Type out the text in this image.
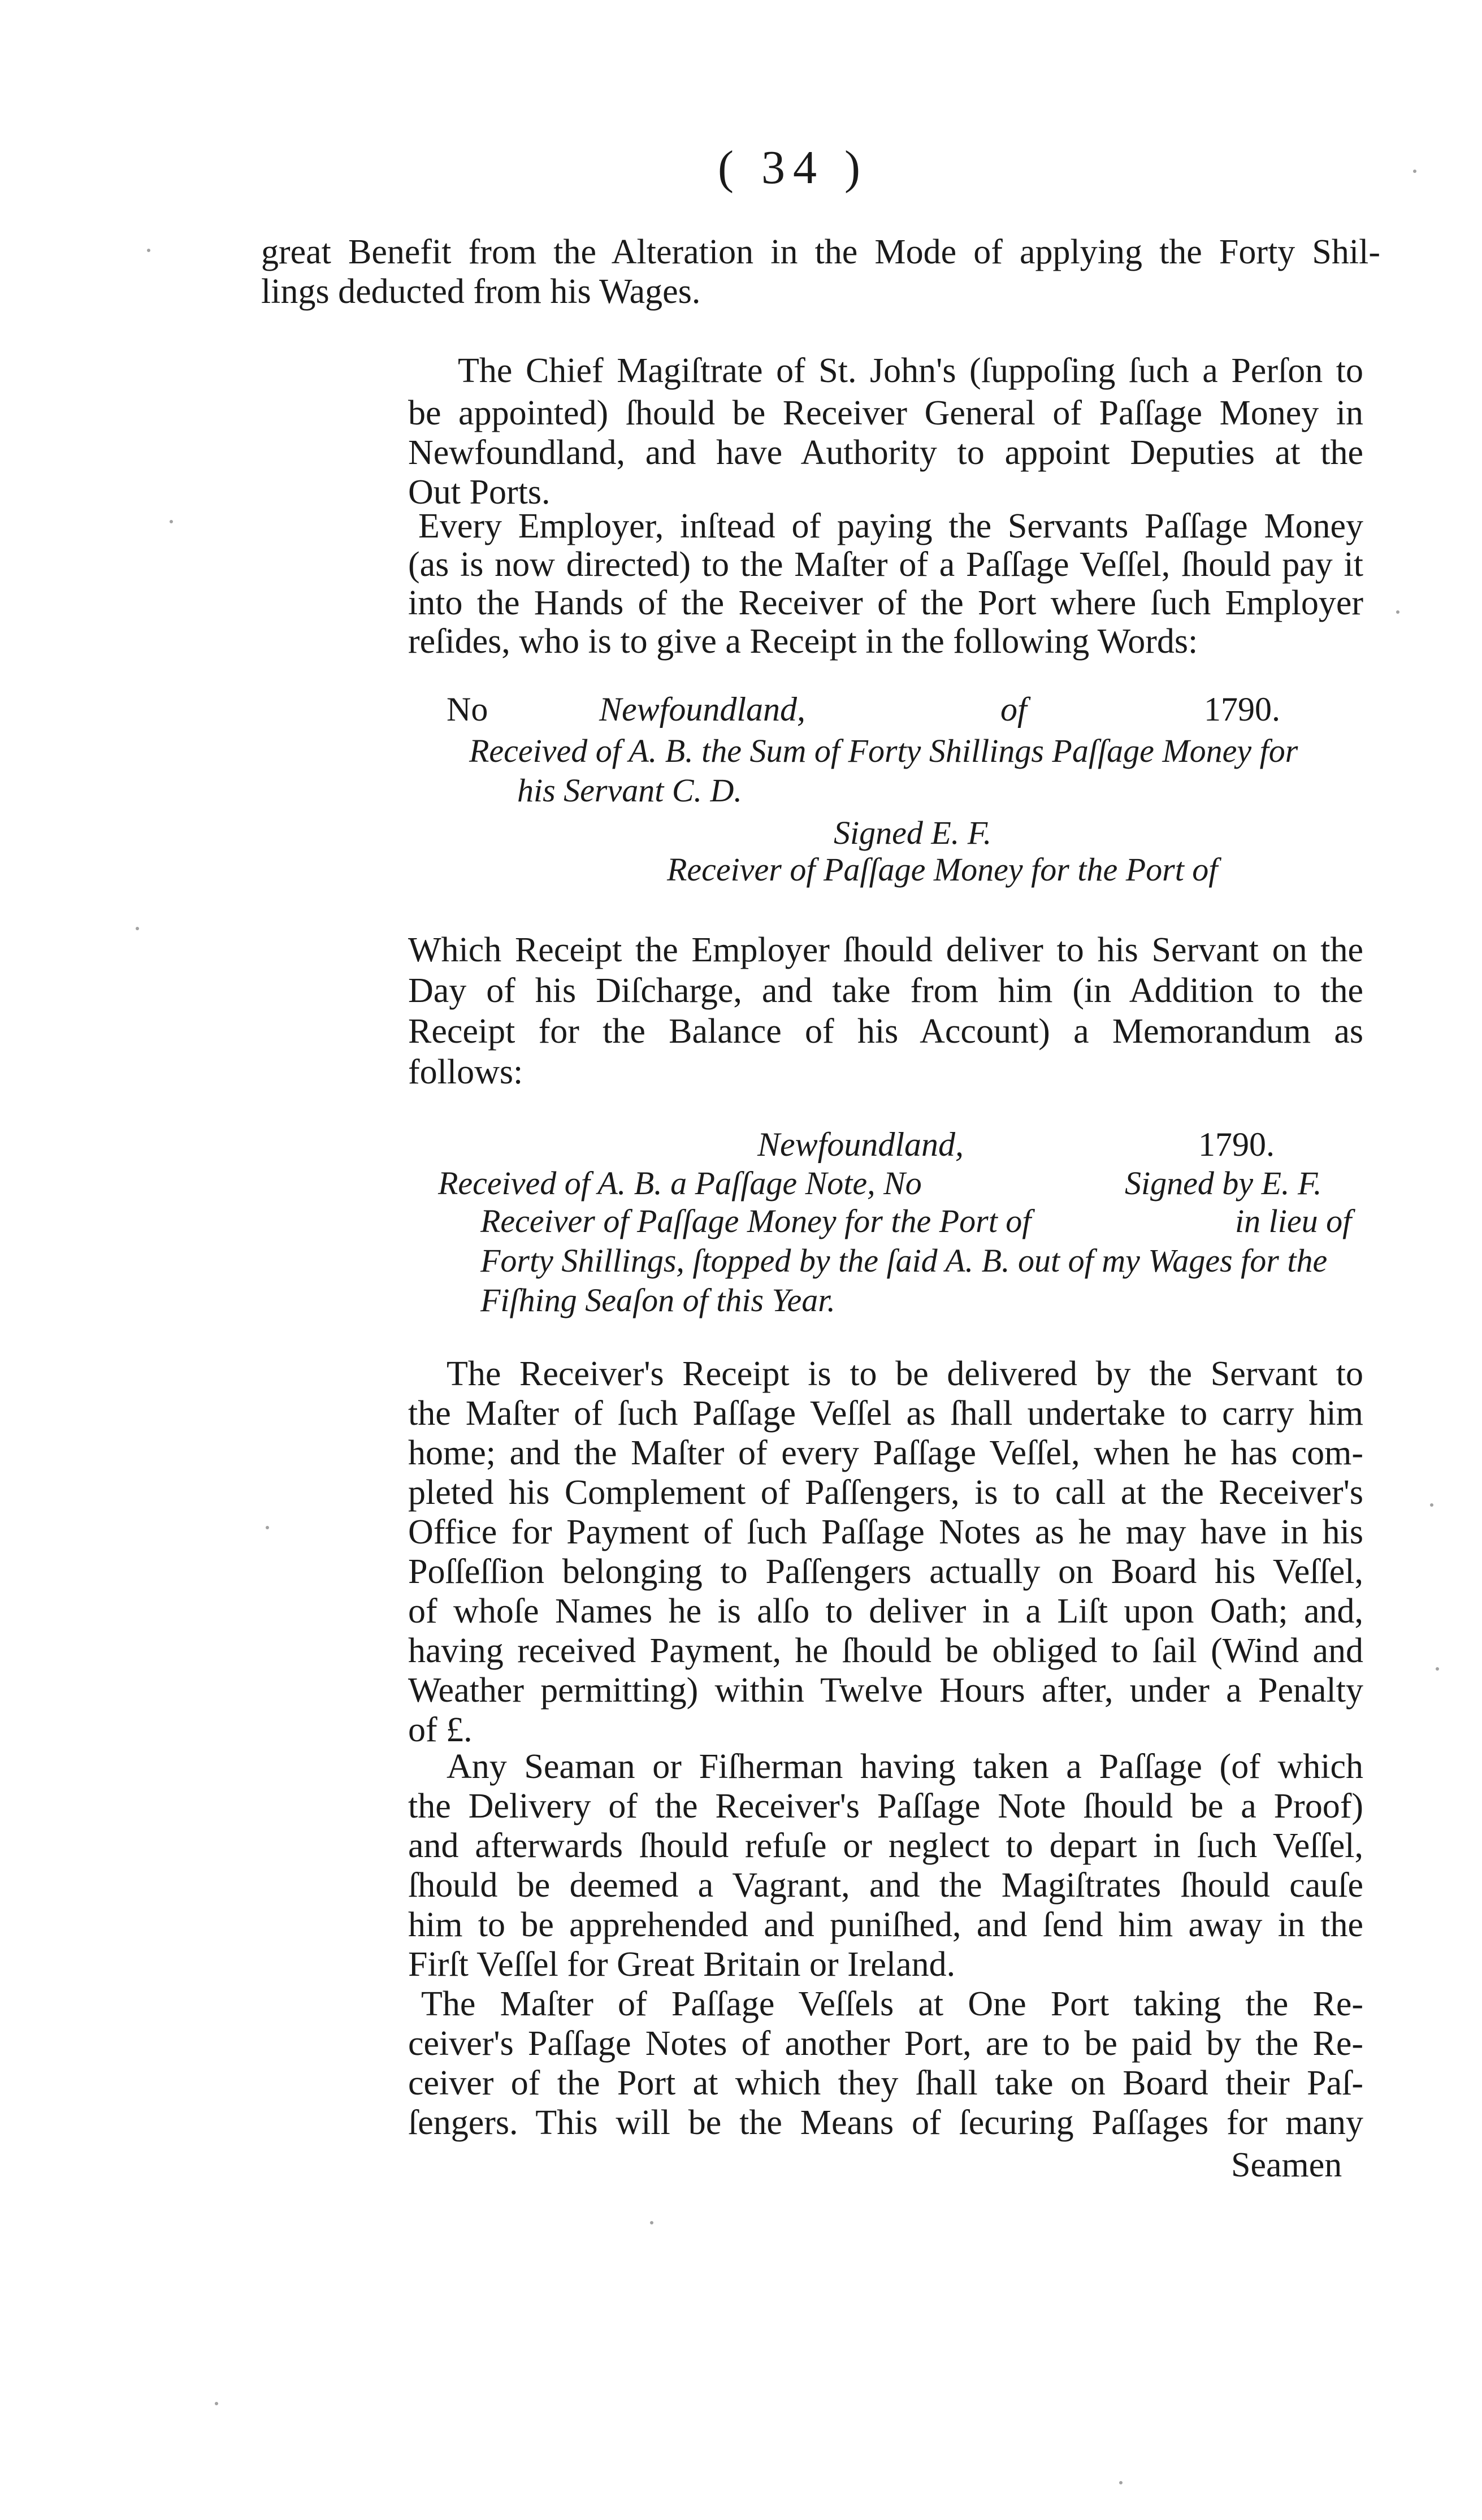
( 34 )
great Benefit from the Alteration in the Mode of applying the Forty Shil-
lings deducted from his Wages.
The Chief Magiſtrate of St. John's (ſuppoſing ſuch a Perſon to
be appointed) ſhould be Receiver General of Paſſage Money in
Newfoundland, and have Authority to appoint Deputies at the
Out Ports.
Every Employer, inſtead of paying the Servants Paſſage Money
(as is now directed) to the Maſter of a Paſſage Veſſel, ſhould pay it
into the Hands of the Receiver of the Port where ſuch Employer
reſides, who is to give a Receipt in the following Words:
No	Newfoundland,	of	1790.
Received of A. B. the Sum of Forty Shillings Paſſage Money for
his Servant C. D.
Signed E. F.
Receiver of Paſſage Money for the Port of
Which Receipt the Employer ſhould deliver to his Servant on the
Day of his Diſcharge, and take from him (in Addition to the
Receipt for the Balance of his Account) a Memorandum as
follows:
Newfoundland,	1790.
Received of A. B. a Paſſage Note, No	Signed by E. F.
Receiver of Paſſage Money for the Port of	in lieu of
Forty Shillings, ſtopped by the ſaid A. B. out of my Wages for the
Fiſhing Seaſon of this Year.
The Receiver's Receipt is to be delivered by the Servant to
the Maſter of ſuch Paſſage Veſſel as ſhall undertake to carry him
home; and the Maſter of every Paſſage Veſſel, when he has com-
pleted his Complement of Paſſengers, is to call at the Receiver's
Office for Payment of ſuch Paſſage Notes as he may have in his
Poſſeſſion belonging to Paſſengers actually on Board his Veſſel,
of whoſe Names he is alſo to deliver in a Liſt upon Oath; and,
having received Payment, he ſhould be obliged to ſail (Wind and
Weather permitting) within Twelve Hours after, under a Penalty
of £.
Any Seaman or Fiſherman having taken a Paſſage (of which
the Delivery of the Receiver's Paſſage Note ſhould be a Proof)
and afterwards ſhould refuſe or neglect to depart in ſuch Veſſel,
ſhould be deemed a Vagrant, and the Magiſtrates ſhould cauſe
him to be apprehended and puniſhed, and ſend him away in the
Firſt Veſſel for Great Britain or Ireland.
The Maſter of Paſſage Veſſels at One Port taking the Re-
ceiver's Paſſage Notes of another Port, are to be paid by the Re-
ceiver of the Port at which they ſhall take on Board their Paſ-
ſengers. This will be the Means of ſecuring Paſſages for many
Seamen
